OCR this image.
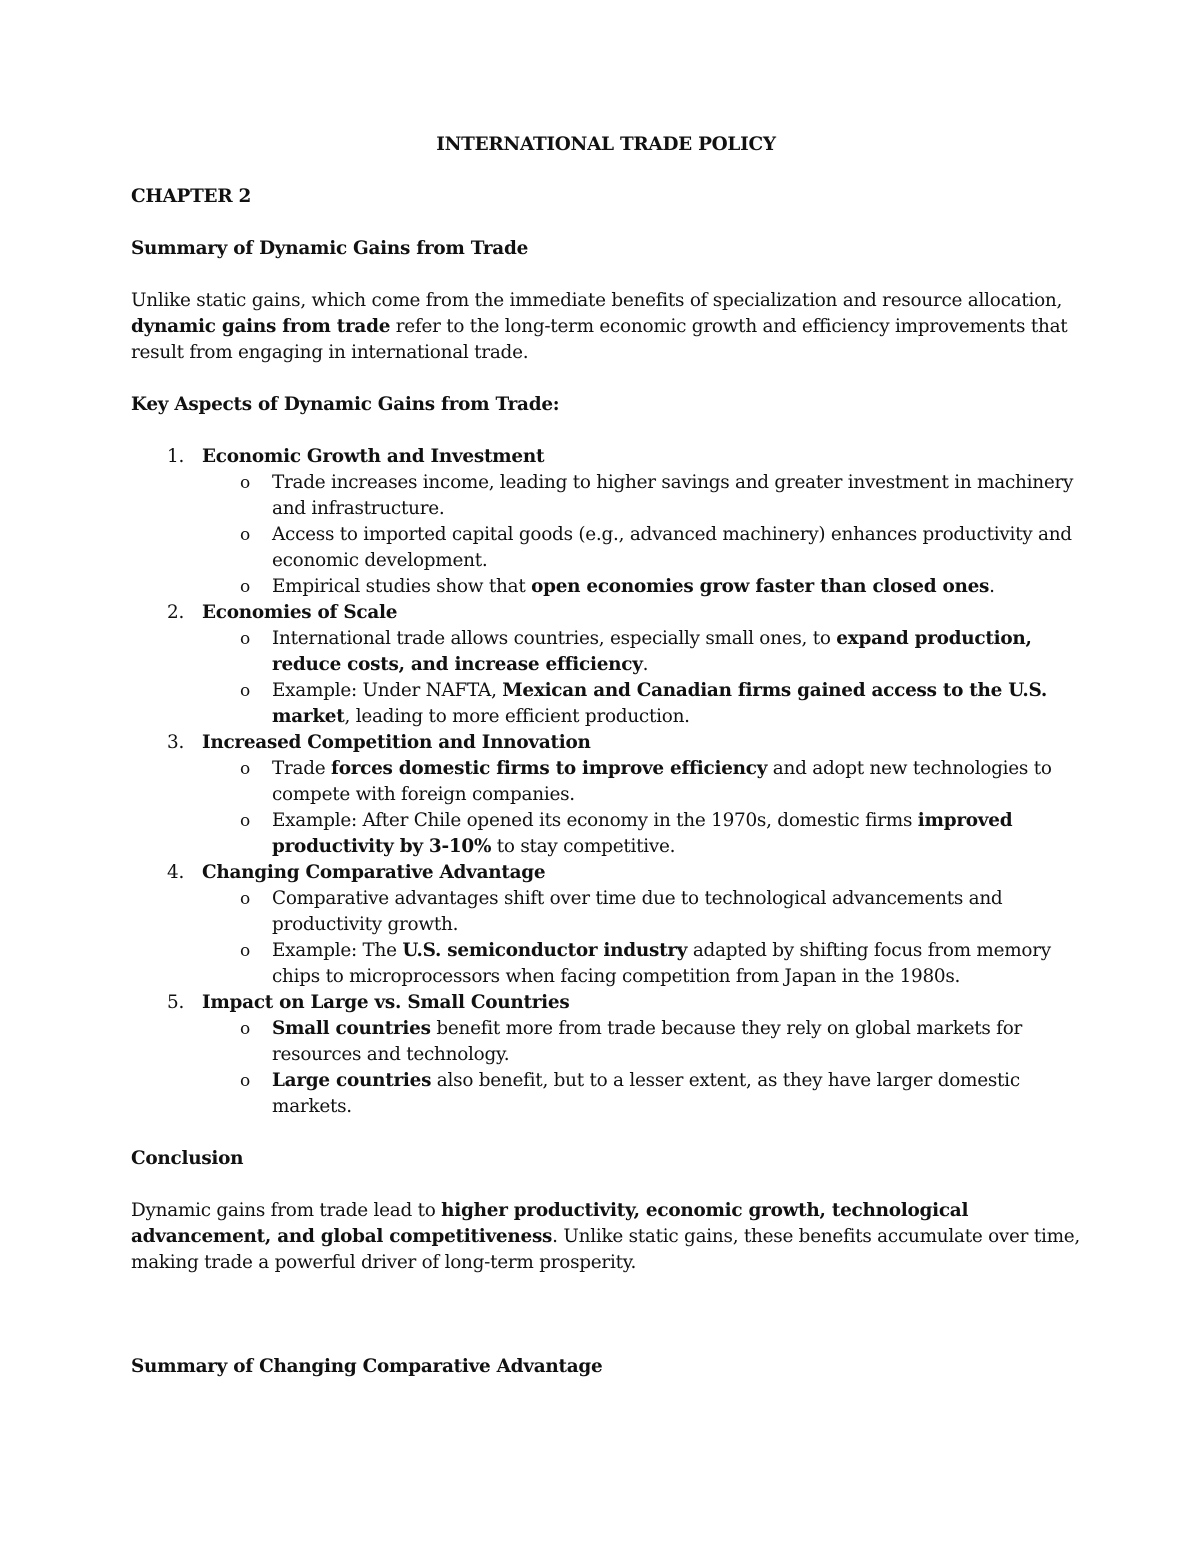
INTERNATIONAL TRADE POLICY

CHAPTER 2

Summary of Dynamic Gains from Trade

Unlike static gains, which come from the immediate benefits of specialization and resource allocation, dynamic gains from trade refer to the long-term economic growth and efficiency improvements that result from engaging in international trade.

Key Aspects of Dynamic Gains from Trade:

1. Economic Growth and Investment
o Trade increases income, leading to higher savings and greater investment in machinery and infrastructure.
o Access to imported capital goods (e.g., advanced machinery) enhances productivity and economic development.
o Empirical studies show that open economies grow faster than closed ones.
2. Economies of Scale
o International trade allows countries, especially small ones, to expand production, reduce costs, and increase efficiency.
o Example: Under NAFTA, Mexican and Canadian firms gained access to the U.S. market, leading to more efficient production.
3. Increased Competition and Innovation
o Trade forces domestic firms to improve efficiency and adopt new technologies to compete with foreign companies.
o Example: After Chile opened its economy in the 1970s, domestic firms improved productivity by 3-10% to stay competitive.
4. Changing Comparative Advantage
o Comparative advantages shift over time due to technological advancements and productivity growth.
o Example: The U.S. semiconductor industry adapted by shifting focus from memory chips to microprocessors when facing competition from Japan in the 1980s.
5. Impact on Large vs. Small Countries
o Small countries benefit more from trade because they rely on global markets for resources and technology.
o Large countries also benefit, but to a lesser extent, as they have larger domestic markets.

Conclusion

Dynamic gains from trade lead to higher productivity, economic growth, technological advancement, and global competitiveness. Unlike static gains, these benefits accumulate over time, making trade a powerful driver of long-term prosperity.

Summary of Changing Comparative Advantage
